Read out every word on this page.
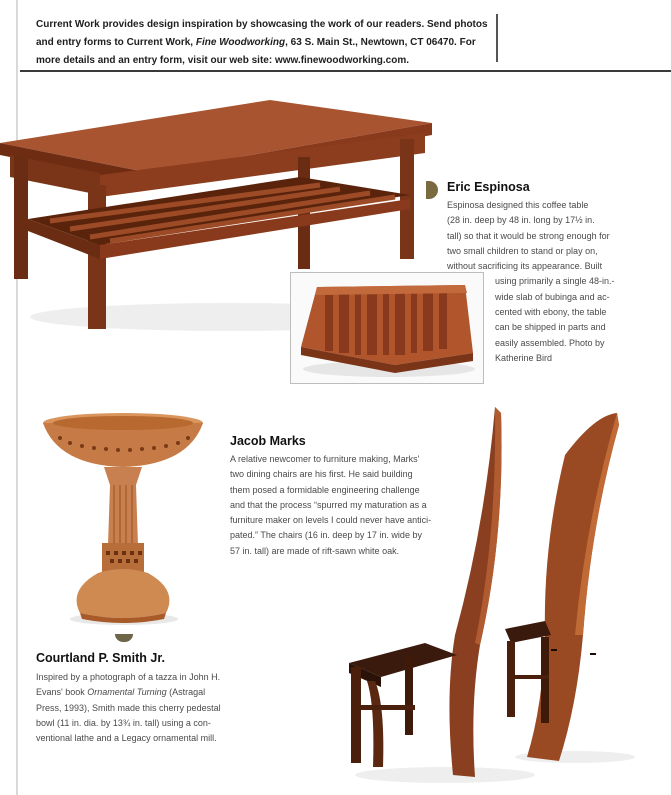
Current Work provides design inspiration by showcasing the work of our readers. Send photos and entry forms to Current Work, Fine Woodworking, 63 S. Main St., Newtown, CT 06470. For more details and an entry form, visit our web site: www.finewoodworking.com.
Eric Espinosa
Espinosa designed this coffee table
(28 in. deep by 48 in. long by 17½ in.
tall) so that it would be strong enough for
two small children to stand or play on,
without sacrificing its appearance. Built
using primarily a single 48-in.-
wide slab of bubinga and ac-
cented with ebony, the table
can be shipped in parts and
easily assembled. Photo by
Katherine Bird
Jacob Marks
A relative newcomer to furniture making, Marks'
two dining chairs are his first. He said building
them posed a formidable engineering challenge
and that the process “spurred my maturation as a
furniture maker on levels I could never have antici-
pated.” The chairs (16 in. deep by 17 in. wide by
57 in. tall) are made of rift-sawn white oak.
Courtland P. Smith Jr.
Inspired by a photograph of a tazza in John H.
Evans' book Ornamental Turning (Astragal
Press, 1993), Smith made this cherry pedestal
bowl (11 in. dia. by 13¾ in. tall) using a con-
ventional lathe and a Legacy ornamental mill.
